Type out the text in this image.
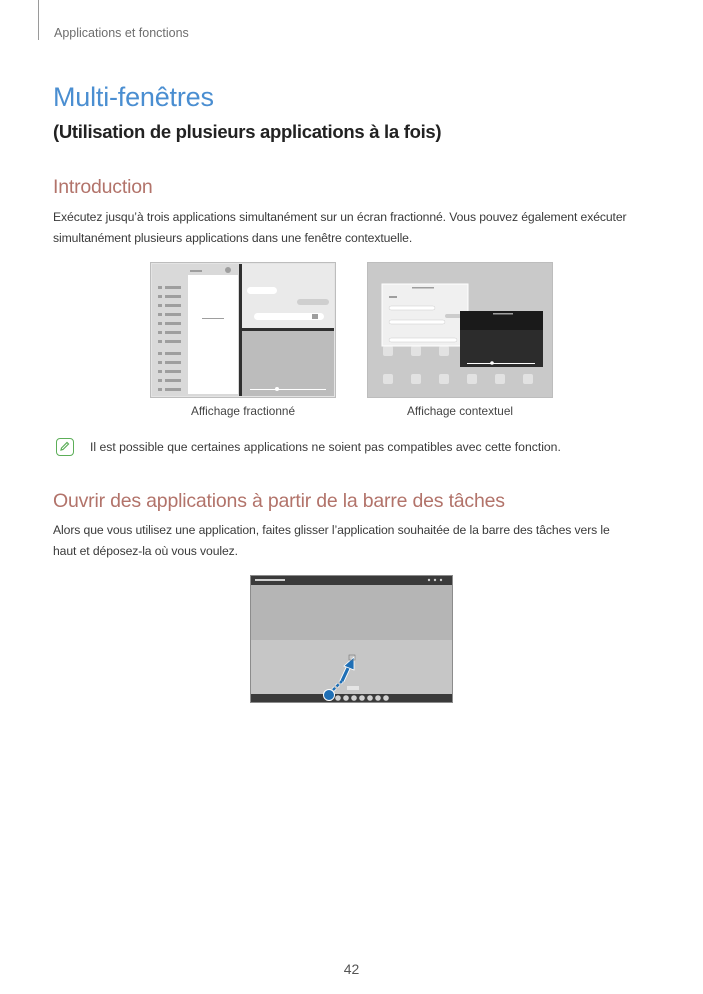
Applications et fonctions
Multi-fenêtres
(Utilisation de plusieurs applications à la fois)
Introduction

Exécutez jusqu’à trois applications simultanément sur un écran fractionné. Vous pouvez également exécuter
simultanément plusieurs applications dans une fenêtre contextuelle.

Affichage fractionné	Affichage contextuel
Il est possible que certaines applications ne soient pas compatibles avec cette fonction.
Ouvrir des applications à partir de la barre des tâches

Alors que vous utilisez une application, faites glisser l’application souhaitée de la barre des tâches vers le
haut et déposez-la où vous voulez.

42
